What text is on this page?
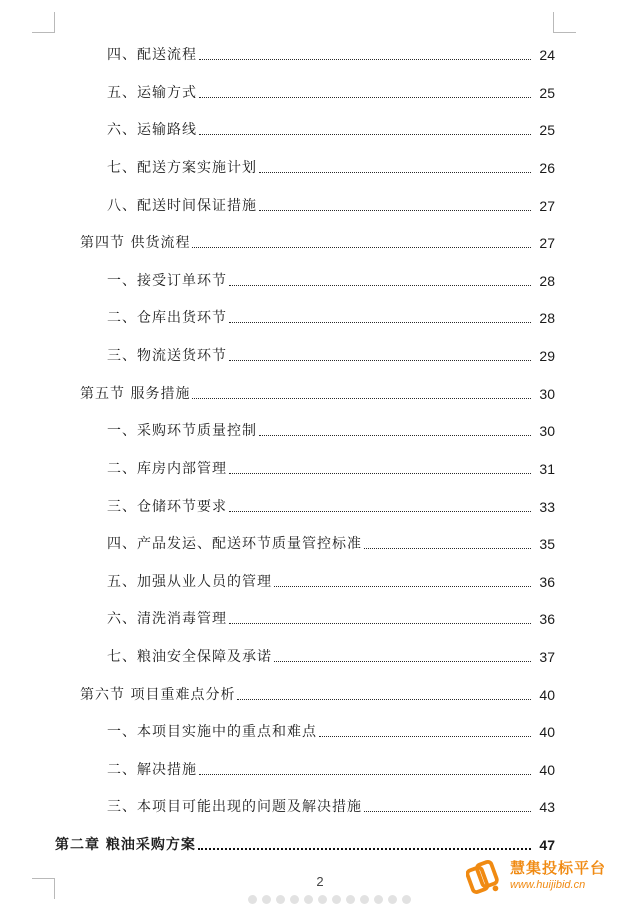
四、配送流程	24
五、运输方式	25
六、运输路线	25
七、配送方案实施计划	26
八、配送时间保证措施	27
第四节 供货流程	27
一、接受订单环节	28
二、仓库出货环节	28
三、物流送货环节	29
第五节 服务措施	30
一、采购环节质量控制	30
二、库房内部管理	31
三、仓储环节要求	33
四、产品发运、配送环节质量管控标准	35
五、加强从业人员的管理	36
六、清洗消毒管理	36
七、粮油安全保障及承诺	37
第六节 项目重难点分析	40
一、本项目实施中的重点和难点	40
二、解决措施	40
三、本项目可能出现的问题及解决措施	43
第二章 粮油采购方案	47
2
慧集投标平台
www.huijibid.cn
